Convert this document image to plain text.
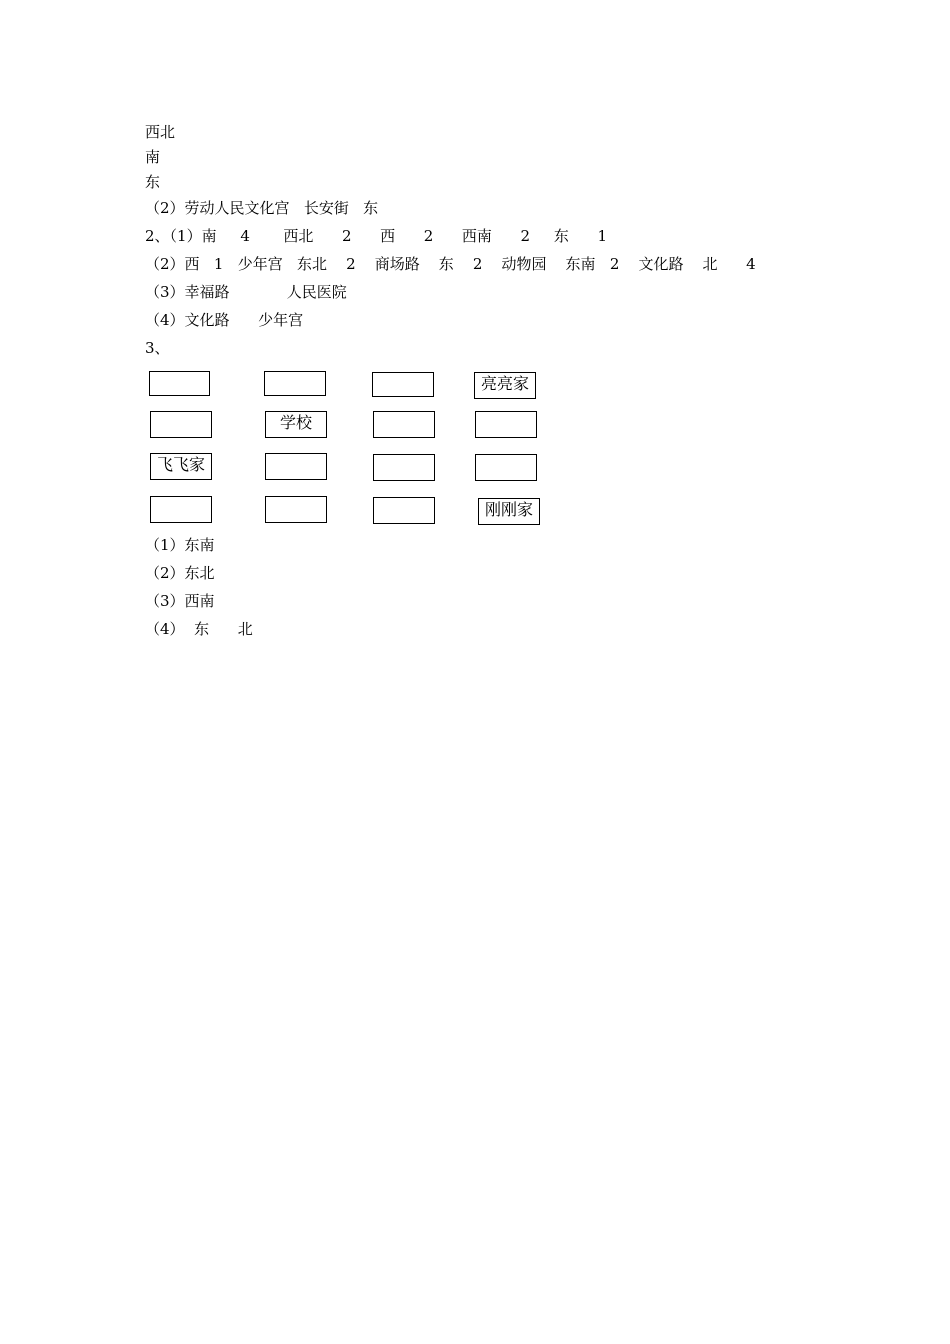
西北
南
东
（2）劳动人民文化宫   长安街   东
2、（1）南     4       西北      2      西      2      西南      2     东      1
（2）西   1   少年宫   东北    2    商场路    东    2    动物园    东南   2    文化路    北      4
（3）幸福路            人民医院
（4）文化路      少年宫
3、
亮亮家
学校
飞飞家
刚刚家
（1）东南
（2）东北
（3）西南
（4）  东      北
